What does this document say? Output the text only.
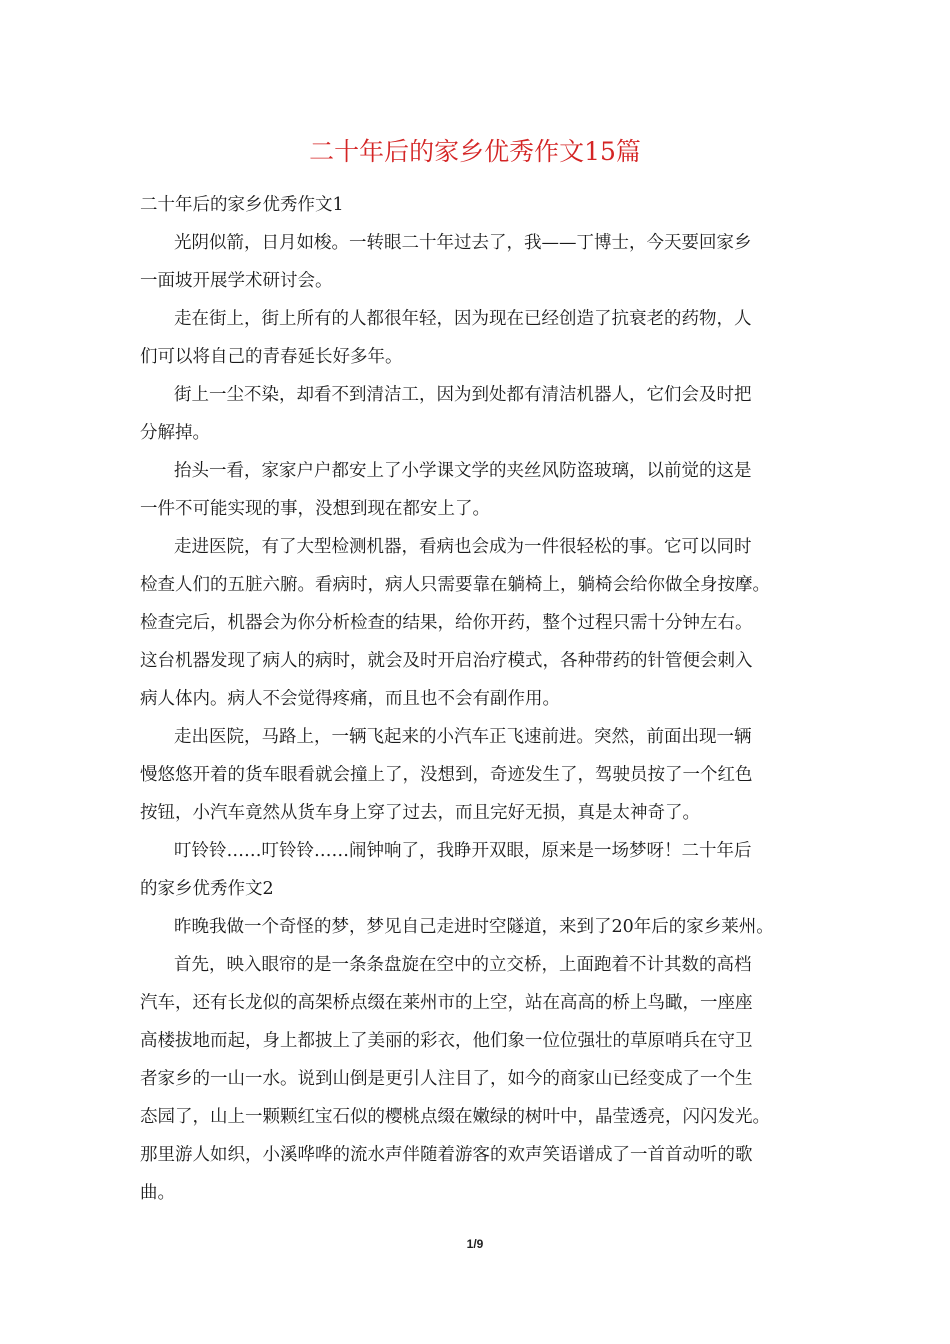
二十年后的家乡优秀作文15篇
二十年后的家乡优秀作文1
光阴似箭，日月如梭。一转眼二十年过去了，我——丁博士，今天要回家乡
一面坡开展学术研讨会。
走在街上，街上所有的人都很年轻，因为现在已经创造了抗衰老的药物，人
们可以将自己的青春延长好多年。
街上一尘不染，却看不到清洁工，因为到处都有清洁机器人，它们会及时把
分解掉。
抬头一看，家家户户都安上了小学课文学的夹丝风防盗玻璃，以前觉的这是
一件不可能实现的事，没想到现在都安上了。
走进医院，有了大型检测机器，看病也会成为一件很轻松的事。它可以同时
检查人们的五脏六腑。看病时，病人只需要靠在躺椅上，躺椅会给你做全身按摩。
检查完后，机器会为你分析检查的结果，给你开药，整个过程只需十分钟左右。
这台机器发现了病人的病时，就会及时开启治疗模式，各种带药的针管便会刺入
病人体内。病人不会觉得疼痛，而且也不会有副作用。
走出医院，马路上，一辆飞起来的小汽车正飞速前进。突然，前面出现一辆
慢悠悠开着的货车眼看就会撞上了，没想到，奇迹发生了，驾驶员按了一个红色
按钮，小汽车竟然从货车身上穿了过去，而且完好无损，真是太神奇了。
叮铃铃……叮铃铃……闹钟响了，我睁开双眼，原来是一场梦呀！二十年后
的家乡优秀作文2
昨晚我做一个奇怪的梦，梦见自己走进时空隧道，来到了20年后的家乡莱州。
首先，映入眼帘的是一条条盘旋在空中的立交桥，上面跑着不计其数的高档
汽车，还有长龙似的高架桥点缀在莱州市的上空，站在高高的桥上鸟瞰，一座座
高楼拔地而起，身上都披上了美丽的彩衣，他们象一位位强壮的草原哨兵在守卫
者家乡的一山一水。说到山倒是更引人注目了，如今的商家山已经变成了一个生
态园了，山上一颗颗红宝石似的樱桃点缀在嫩绿的树叶中，晶莹透亮，闪闪发光。
那里游人如织，小溪哗哗的流水声伴随着游客的欢声笑语谱成了一首首动听的歌
曲。
1/9
